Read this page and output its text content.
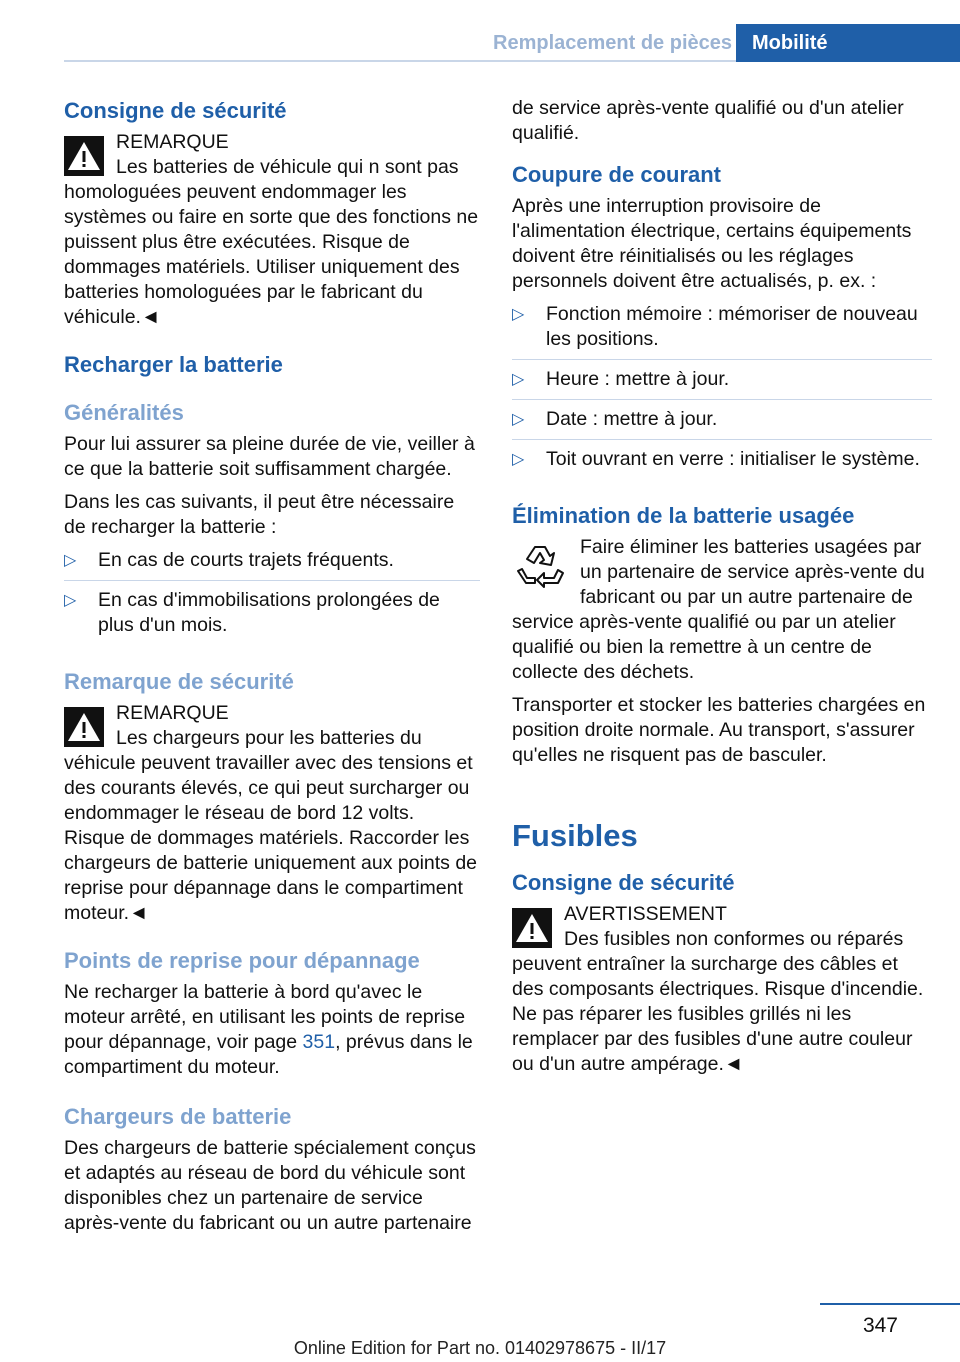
Remplacement de pièces	Mobilité
Consigne de sécurité
REMARQUE
Les batteries de véhicule qui n sont pas homologuées peuvent endommager les systèmes ou faire en sorte que des fonctions ne puissent plus être exécutées. Risque de dommages matériels. Utiliser uniquement des batteries homologuées par le fabricant du véhicule.◄
Recharger la batterie
Généralités

Pour lui assurer sa pleine durée de vie, veiller à ce que la batterie soit suffisamment chargée.

Dans les cas suivants, il peut être nécessaire de recharger la batterie :

▷ En cas de courts trajets fréquents.
▷ En cas d'immobilisations prolongées de plus d'un mois.
Remarque de sécurité
REMARQUE
Les chargeurs pour les batteries du véhicule peuvent travailler avec des tensions et des courants élevés, ce qui peut surcharger ou endommager le réseau de bord 12 volts. Risque de dommages matériels. Raccorder les chargeurs de batterie uniquement aux points de reprise pour dépannage dans le compartiment moteur.◄
Points de reprise pour dépannage

Ne recharger la batterie à bord qu'avec le moteur arrêté, en utilisant les points de reprise pour dépannage, voir page 351, prévus dans le compartiment du moteur.

Chargeurs de batterie

Des chargeurs de batterie spécialement conçus et adaptés au réseau de bord du véhicule sont disponibles chez un partenaire de service après-vente du fabricant ou un autre partenaire

de service après-vente qualifié ou d'un atelier qualifié.

Coupure de courant

Après une interruption provisoire de l'alimentation électrique, certains équipements doivent être réinitialisés ou les réglages personnels doivent être actualisés, p. ex. :

▷ Fonction mémoire : mémoriser de nouveau les positions.
▷ Heure : mettre à jour.
▷ Date : mettre à jour.
▷ Toit ouvrant en verre : initialiser le système.
Élimination de la batterie usagée

Faire éliminer les batteries usagées par un partenaire de service après-vente du fabricant ou par un autre partenaire de service après-vente qualifié ou par un atelier qualifié ou bien la remettre à un centre de collecte des déchets.

Transporter et stocker les batteries chargées en position droite normale. Au transport, s'assurer qu'elles ne risquent pas de basculer.

Fusibles
Consigne de sécurité
AVERTISSEMENT
Des fusibles non conformes ou réparés peuvent entraîner la surcharge des câbles et des composants électriques. Risque d'incendie. Ne pas réparer les fusibles grillés ni les remplacer par des fusibles d'une autre couleur ou d'un autre ampérage.◄
347
Online Edition for Part no. 01402978675 - II/17
